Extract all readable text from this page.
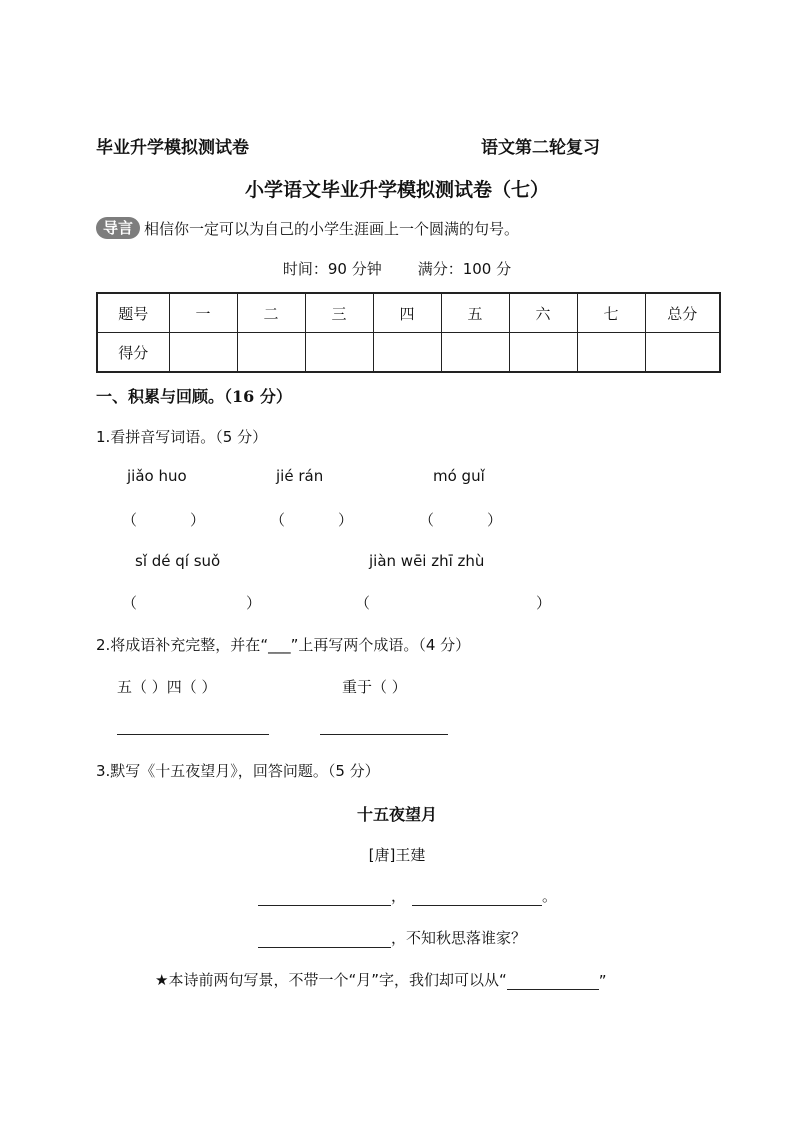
毕业升学模拟测试卷	语文第二轮复习
小学语文毕业升学模拟测试卷（七）
导言 相信你一定可以为自己的小学生涯画上一个圆满的句号。
时间：90 分钟 满分：100 分
题号	一	二	三	四	五	六	七	总分
得分								
一、积累与回顾。（16 分）
1.看拼音写词语。（5 分）
jiǎo huo	jié rán	mó guǐ
（	）	（	）	（	）
sǐ dé qí suǒ	jiàn wēi zhī zhù
（	）	（	）
2.将成语补充完整，并在“___”上再写两个成语。（4 分）
五（ ）四（ ）	重于（ ）
3.默写《十五夜望月》，回答问题。（5 分）
十五夜望月
[唐]王建
，	。
，不知秋思落谁家？
★本诗前两句写景，不带一个“月”字，我们却可以从“	”
